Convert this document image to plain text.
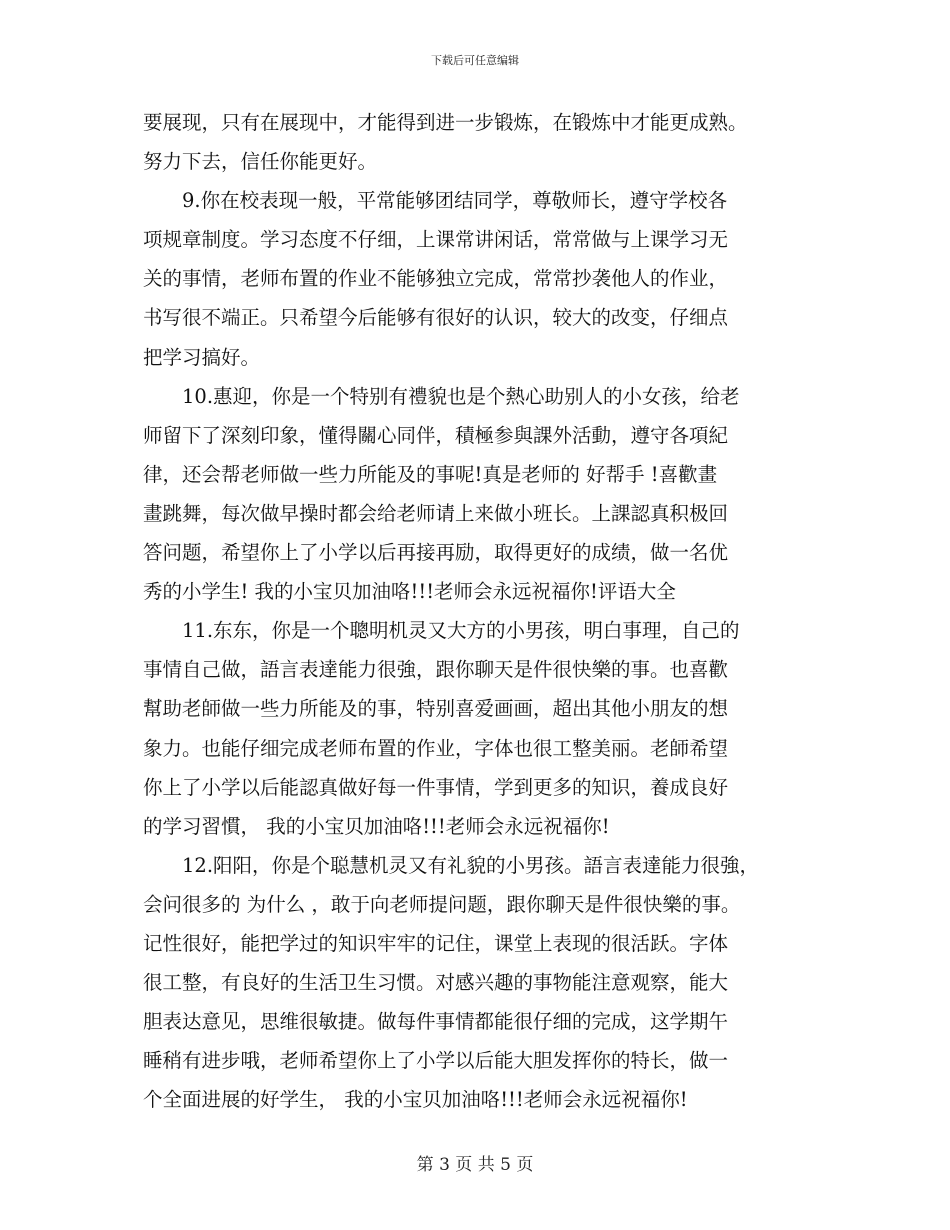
下载后可任意编辑
要展现，只有在展现中，才能得到进一步锻炼，在锻炼中才能更成熟。
努力下去，信任你能更好。
　　9.你在校表现一般，平常能够团结同学，尊敬师长，遵守学校各
项规章制度。学习态度不仔细，上课常讲闲话，常常做与上课学习无
关的事情，老师布置的作业不能够独立完成，常常抄袭他人的作业，
书写很不端正。只希望今后能够有很好的认识，较大的改变，仔细点
把学习搞好。
　　10.惠迎，你是一个特别有禮貌也是个熱心助别人的小女孩，给老
师留下了深刻印象，懂得關心同伴，積極参與課外活動，遵守各項紀
律，还会帮老师做一些力所能及的事呢!真是老师的 好帮手 !喜歡畫
畫跳舞，每次做早操时都会给老师请上来做小班长。上課認真积极回
答问题，希望你上了小学以后再接再励，取得更好的成绩，做一名优
秀的小学生! 我的小宝贝加油咯!!!老师会永远祝福你!评语大全
　　11.东东，你是一个聰明机灵又大方的小男孩，明白事理，自己的
事情自己做，語言表達能力很強，跟你聊天是件很快樂的事。也喜歡
幫助老師做一些力所能及的事，特别喜爱画画，超出其他小朋友的想
象力。也能仔细完成老师布置的作业，字体也很工整美丽。老師希望
你上了小学以后能認真做好每一件事情，学到更多的知识，養成良好
的学习習慣， 我的小宝贝加油咯!!!老师会永远祝福你!
　　12.阳阳，你是个聪慧机灵又有礼貌的小男孩。語言表達能力很強，
会问很多的 为什么 ，敢于向老师提问题，跟你聊天是件很快樂的事。
记性很好，能把学过的知识牢牢的记住，课堂上表现的很活跃。字体
很工整，有良好的生活卫生习惯。对感兴趣的事物能注意观察，能大
胆表达意见，思维很敏捷。做每件事情都能很仔细的完成，这学期午
睡稍有进步哦，老师希望你上了小学以后能大胆发挥你的特长，做一
个全面进展的好学生， 我的小宝贝加油咯!!!老师会永远祝福你!
第 3 页 共 5 页
